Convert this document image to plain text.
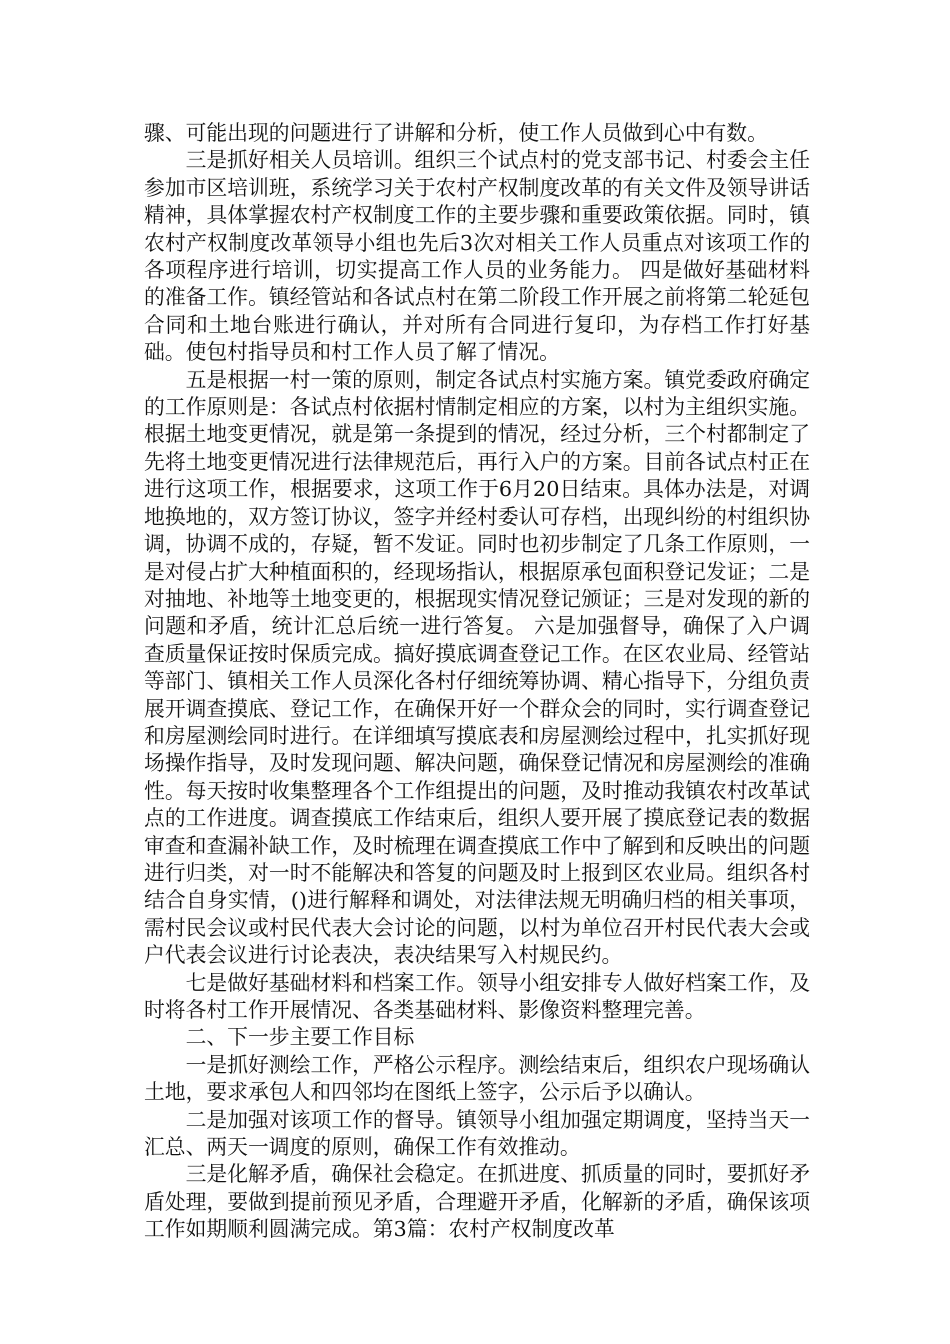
骤、可能出现的问题进行了讲解和分析，使工作人员做到心中有数。

三是抓好相关人员培训。组织三个试点村的党支部书记、村委会主任参加市区培训班，系统学习关于农村产权制度改革的有关文件及领导讲话精神，具体掌握农村产权制度工作的主要步骤和重要政策依据。同时，镇农村产权制度改革领导小组也先后3次对相关工作人员重点对该项工作的各项程序进行培训，切实提高工作人员的业务能力。 四是做好基础材料的准备工作。镇经管站和各试点村在第二阶段工作开展之前将第二轮延包合同和土地台账进行确认，并对所有合同进行复印，为存档工作打好基础。使包村指导员和村工作人员了解了情况。

五是根据一村一策的原则，制定各试点村实施方案。镇党委政府确定的工作原则是：各试点村依据村情制定相应的方案，以村为主组织实施。根据土地变更情况，就是第一条提到的情况，经过分析，三个村都制定了先将土地变更情况进行法律规范后，再行入户的方案。目前各试点村正在进行这项工作，根据要求，这项工作于6月20日结束。具体办法是，对调地换地的，双方签订协议，签字并经村委认可存档，出现纠纷的村组织协调，协调不成的，存疑，暂不发证。同时也初步制定了几条工作原则，一是对侵占扩大种植面积的，经现场指认，根据原承包面积登记发证；二是对抽地、补地等土地变更的，根据现实情况登记颁证；三是对发现的新的问题和矛盾，统计汇总后统一进行答复。 六是加强督导，确保了入户调查质量保证按时保质完成。搞好摸底调查登记工作。在区农业局、经管站等部门、镇相关工作人员深化各村仔细统筹协调、精心指导下，分组负责展开调查摸底、登记工作，在确保开好一个群众会的同时，实行调查登记和房屋测绘同时进行。在详细填写摸底表和房屋测绘过程中，扎实抓好现场操作指导，及时发现问题、解决问题，确保登记情况和房屋测绘的准确性。每天按时收集整理各个工作组提出的问题，及时推动我镇农村改革试点的工作进度。调查摸底工作结束后，组织人要开展了摸底登记表的数据审查和查漏补缺工作，及时梳理在调查摸底工作中了解到和反映出的问题进行归类，对一时不能解决和答复的问题及时上报到区农业局。组织各村结合自身实情，()进行解释和调处，对法律法规无明确归档的相关事项，需村民会议或村民代表大会讨论的问题，以村为单位召开村民代表大会或户代表会议进行讨论表决，表决结果写入村规民约。

七是做好基础材料和档案工作。领导小组安排专人做好档案工作，及时将各村工作开展情况、各类基础材料、影像资料整理完善。

二、下一步主要工作目标

一是抓好测绘工作，严格公示程序。测绘结束后，组织农户现场确认土地，要求承包人和四邻均在图纸上签字，公示后予以确认。

二是加强对该项工作的督导。镇领导小组加强定期调度，坚持当天一汇总、两天一调度的原则，确保工作有效推动。

三是化解矛盾，确保社会稳定。在抓进度、抓质量的同时，要抓好矛盾处理，要做到提前预见矛盾，合理避开矛盾，化解新的矛盾，确保该项工作如期顺利圆满完成。第3篇：农村产权制度改革
